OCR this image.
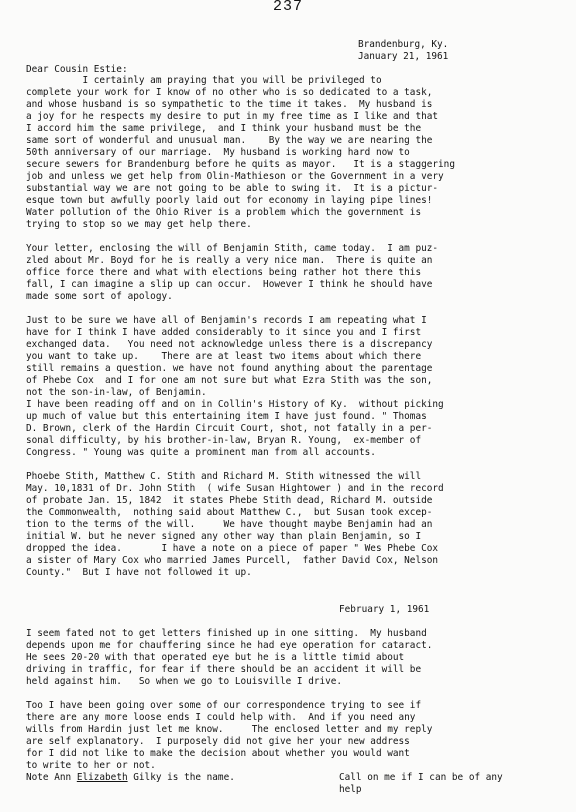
237
Brandenburg, Ky.
January 21, 1961
Dear Cousin Estie:
I certainly am praying that you will be privileged to
complete your work for I know of no other who is so dedicated to a task,
and whose husband is so sympathetic to the time it takes.  My husband is
a joy for he respects my desire to put in my free time as I like and that
I accord him the same privilege,  and I think your husband must be the
same sort of wonderful and unusual man.    By the way we are nearing the
50th anniversary of our marriage.  My husband is working hard now to
secure sewers for Brandenburg before he quits as mayor.   It is a staggering
job and unless we get help from Olin-Mathieson or the Government in a very
substantial way we are not going to be able to swing it.  It is a pictur-
esque town but awfully poorly laid out for economy in laying pipe lines!
Water pollution of the Ohio River is a problem which the government is
trying to stop so we may get help there.
Your letter, enclosing the will of Benjamin Stith, came today.  I am puz-
zled about Mr. Boyd for he is really a very nice man.  There is quite an
office force there and what with elections being rather hot there this
fall, I can imagine a slip up can occur.  However I think he should have
made some sort of apology.
Just to be sure we have all of Benjamin's records I am repeating what I
have for I think I have added considerably to it since you and I first
exchanged data.   You need not acknowledge unless there is a discrepancy
you want to take up.    There are at least two items about which there
still remains a question. we have not found anything about the parentage
of Phebe Cox  and I for one am not sure but what Ezra Stith was the son,
not the son-in-law, of Benjamin.
I have been reading off and on in Collin's History of Ky.  without picking
up much of value but this entertaining item I have just found. " Thomas
D. Brown, clerk of the Hardin Circuit Court, shot, not fatally in a per-
sonal difficulty, by his brother-in-law, Bryan R. Young,  ex-member of
Congress. " Young was quite a prominent man from all accounts.
Phoebe Stith, Matthew C. Stith and Richard M. Stith witnessed the will
May. 10,1831 of Dr. John Stith  ( wife Susan Hightower ) and in the record
of probate Jan. 15, 1842  it states Phebe Stith dead, Richard M. outside
the Commonwealth,  nothing said about Matthew C.,  but Susan took excep-
tion to the terms of the will.     We have thought maybe Benjamin had an
initial W. but he never signed any other way than plain Benjamin, so I
dropped the idea.       I have a note on a piece of paper " Wes Phebe Cox
a sister of Mary Cox who married James Purcell,  father David Cox, Nelson
County."  But I have not followed it up.
February 1, 1961
I seem fated not to get letters finished up in one sitting.  My husband
depends upon me for chauffering since he had eye operation for cataract.
He sees 20-20 with that operated eye but he is a little timid about
driving in traffic, for fear if there should be an accident it will be
held against him.   So when we go to Louisville I drive.
Too I have been going over some of our correspondence trying to see if
there are any more loose ends I could help with.  And if you need any
wills from Hardin just let me know.     The enclosed letter and my reply
are self explanatory.  I purposely did not give her your new address
for I did not like to make the decision about whether you would want
to write to her or not.
Note Ann Elizabeth Gilky is the name.	Call on me if I can be of any
help
